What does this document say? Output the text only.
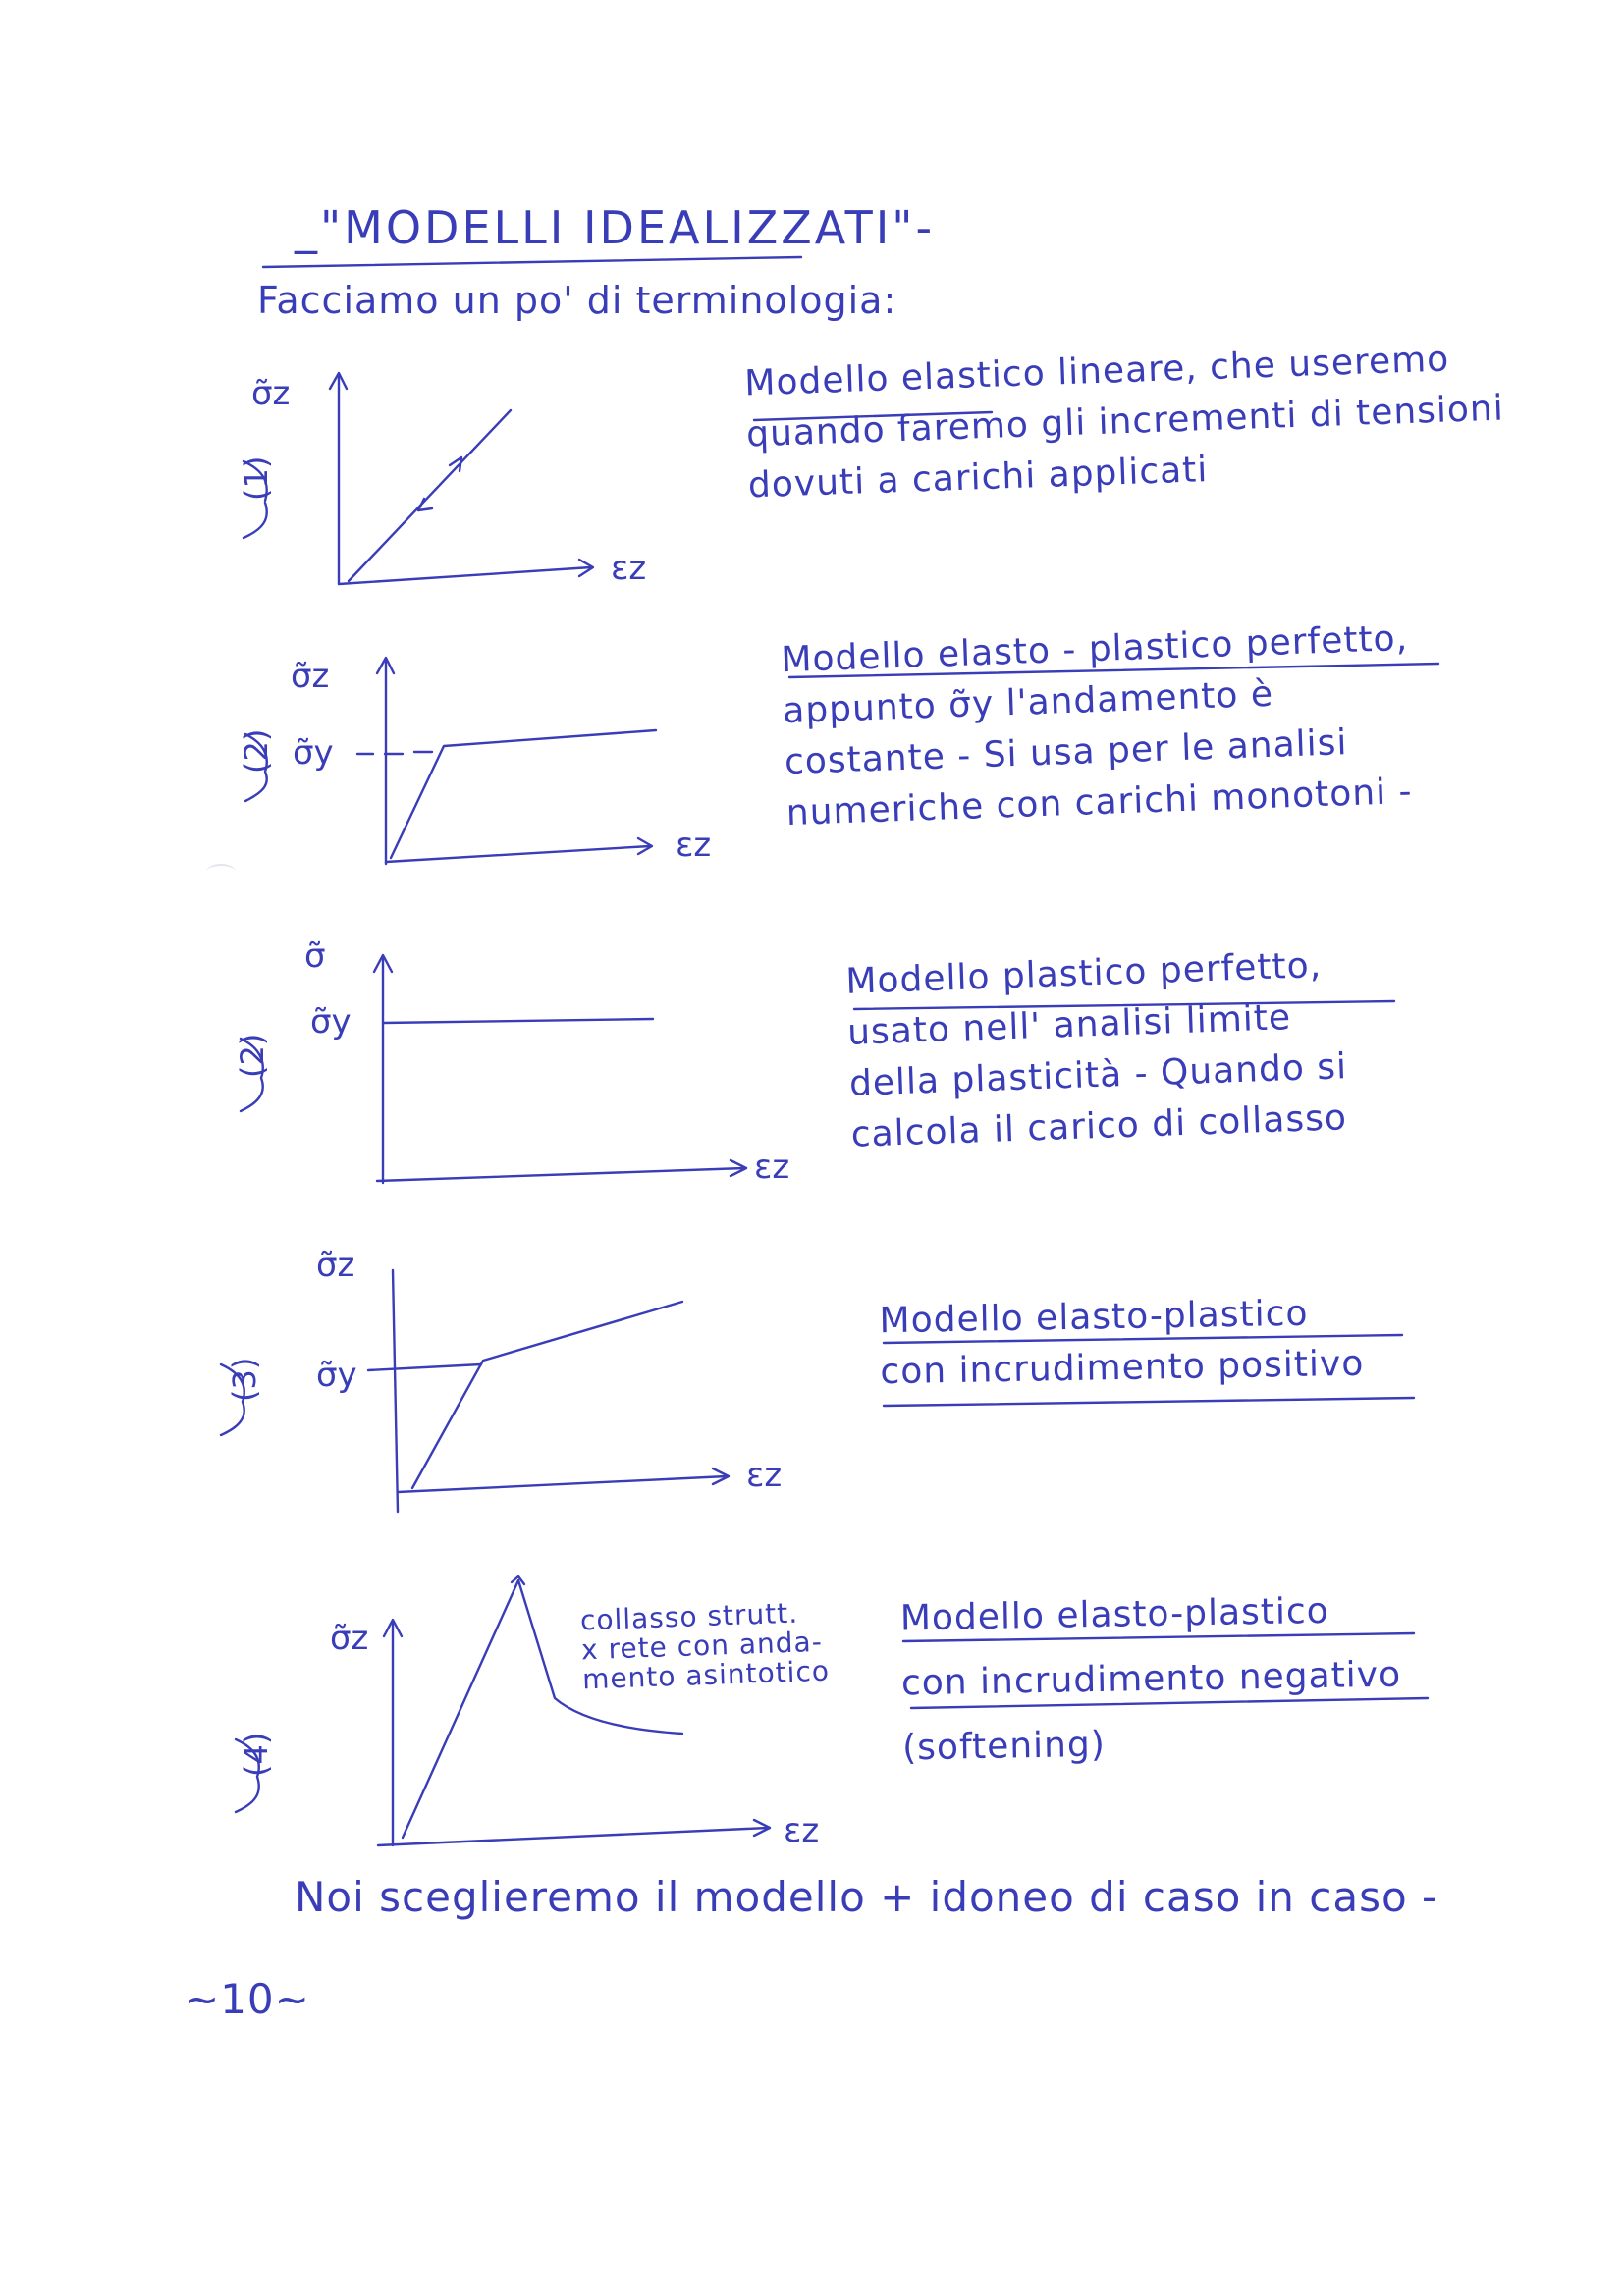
_"MODELLI IDEALIZZATI"-
Facciamo un po' di terminologia:
σ̃z
εz
(1)
σ̃z
σ̃y
εz
(2)
σ̃
σ̃y
εz
(2)
σ̃z
σ̃y
εz
(3)
σ̃z
εz
(4)
Modello elastico lineare, che useremo
quando faremo gli incrementi di tensioni
dovuti a carichi applicati
Modello elasto - plastico perfetto,
appunto σ̃y l'andamento è
costante - Si usa per le analisi
numeriche con carichi monotoni -
Modello plastico perfetto,
usato nell' analisi limite
della plasticità - Quando si
calcola il carico di collasso
Modello elasto-plastico
con incrudimento positivo
collasso strutt.
x rete con anda-
mento asintotico
Modello elasto-plastico
con incrudimento negativo
(softening)
Noi sceglieremo il modello + idoneo di caso in caso -
~10~
